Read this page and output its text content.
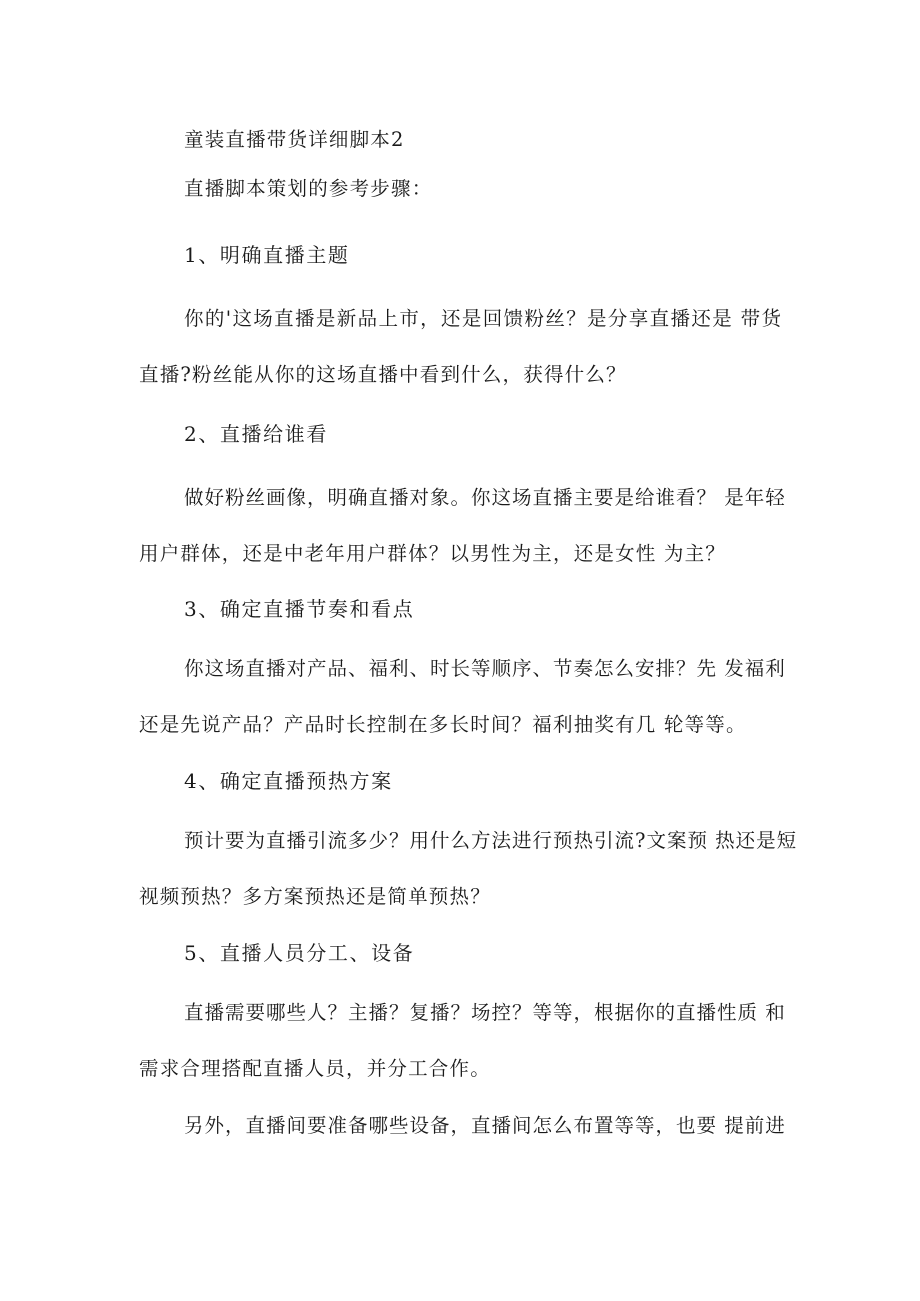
童装直播带货详细脚本2

直播脚本策划的参考步骤：

1、明确直播主题

你的'这场直播是新品上市，还是回馈粉丝？是分享直播还是 带货
直播?粉丝能从你的这场直播中看到什么，获得什么？

2、直播给谁看

做好粉丝画像，明确直播对象。你这场直播主要是给谁看？ 是年轻
用户群体，还是中老年用户群体？以男性为主，还是女性 为主？

3、确定直播节奏和看点

你这场直播对产品、福利、时长等顺序、节奏怎么安排？先 发福利
还是先说产品？产品时长控制在多长时间？福利抽奖有几 轮等等。

4、确定直播预热方案

预计要为直播引流多少？用什么方法进行预热引流?文案预 热还是短
视频预热？多方案预热还是简单预热？

5、直播人员分工、设备

直播需要哪些人？主播？复播？场控？等等，根据你的直播性质 和
需求合理搭配直播人员，并分工合作。
另外，直播间要准备哪些设备，直播间怎么布置等等，也要 提前进
